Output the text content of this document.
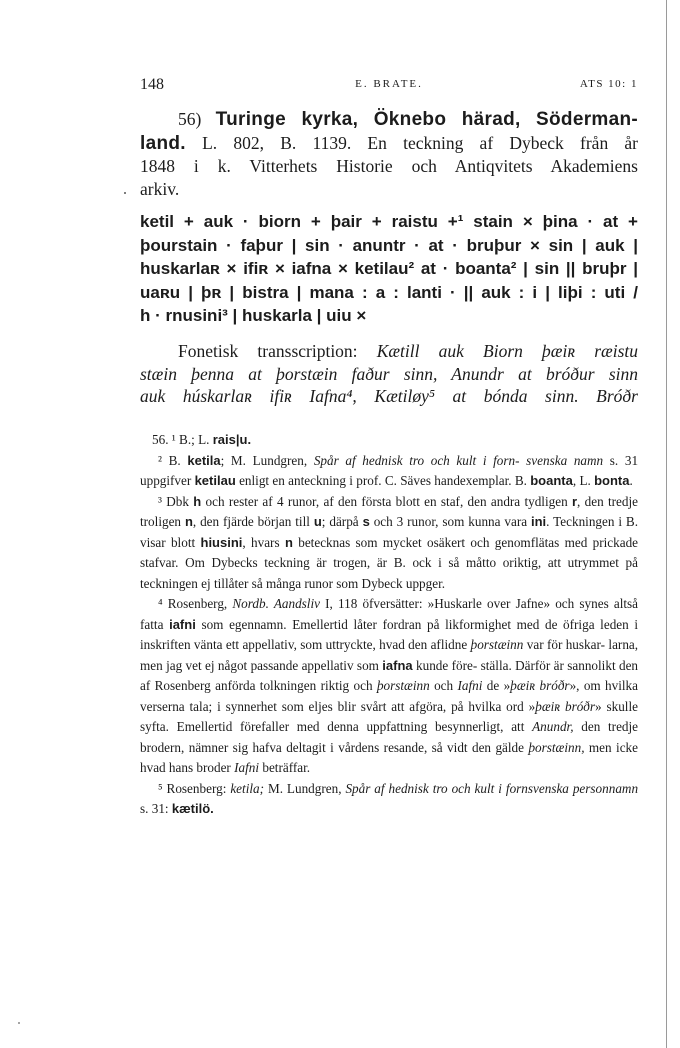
148	E. BRATE.	ATS 10: 1
56) Turinge kyrka, Öknebo härad, Söderman-
land. L. 802, B. 1139. En teckning af Dybeck från år
1848 i k. Vitterhets Historie och Antiqvitets Akademiens
arkiv.
ketil + auk · biorn + þair + raistu +¹ stain × þina · at +
þourstain · faþur | sin · anuntr · at · bruþur × sin | auk |
huskarlaʀ × ifiʀ × iafna × ketilau² at · boanta² | sin || bruþr |
uaʀu | þʀ | bistra | mana : a : lanti · || auk : i | liþi : uti /
h · rnusini³ | huskarla | uiu ×
Fonetisk transscription: Kætill auk Biorn þæiʀ ræistu
stæin þenna at þorstæin faður sinn, Anundr at bróður sinn
auk húskarlaʀ ifiʀ Iafna⁴, Kætiløy⁵ at bónda sinn. Bróðr

56. ¹ B.; L. rais|u.

² B. ketila; M. Lundgren, Spår af hednisk tro och kult i forn- svenska namn s. 31 uppgifver ketilau enligt en anteckning i prof. C. Säves handexemplar. B. boanta, L. bonta.

³ Dbk h och rester af 4 runor, af den första blott en staf, den andra tydligen r, den tredje troligen n, den fjärde början till u; därpå s och 3 runor, som kunna vara ini. Teckningen i B. visar blott hiusini, hvars n betecknas som mycket osäkert och genomflätas med prickade stafvar. Om Dybecks teckning är trogen, är B. ock i så måtto oriktig, att utrymmet på teckningen ej tillåter så många runor som Dybeck uppger.

⁴ Rosenberg, Nordb. Aandsliv I, 118 öfversätter: »Huskarle over Jafne» och synes altså fatta iafni som egennamn. Emellertid låter fordran på likformighet med de öfriga leden i inskriften vänta ett appellativ, som uttryckte, hvad den aflidne þorstæinn var för huskar- larna, men jag vet ej något passande appellativ som iafna kunde före- ställa. Därför är sannolikt den af Rosenberg anförda tolkningen riktig och þorstæinn och Iafni de »þæiʀ bróðr», om hvilka verserna tala; i synnerhet som eljes blir svårt att afgöra, på hvilka ord »þæiʀ bróðr» skulle syfta. Emellertid förefaller med denna uppfattning besynnerligt, att Anundr, den tredje brodern, nämner sig hafva deltagit i vårdens resande, så vidt den gälde þorstæinn, men icke hvad hans broder Iafni beträffar.

⁵ Rosenberg: ketila; M. Lundgren, Spår af hednisk tro och kult i fornsvenska personnamn s. 31: kætilö.
